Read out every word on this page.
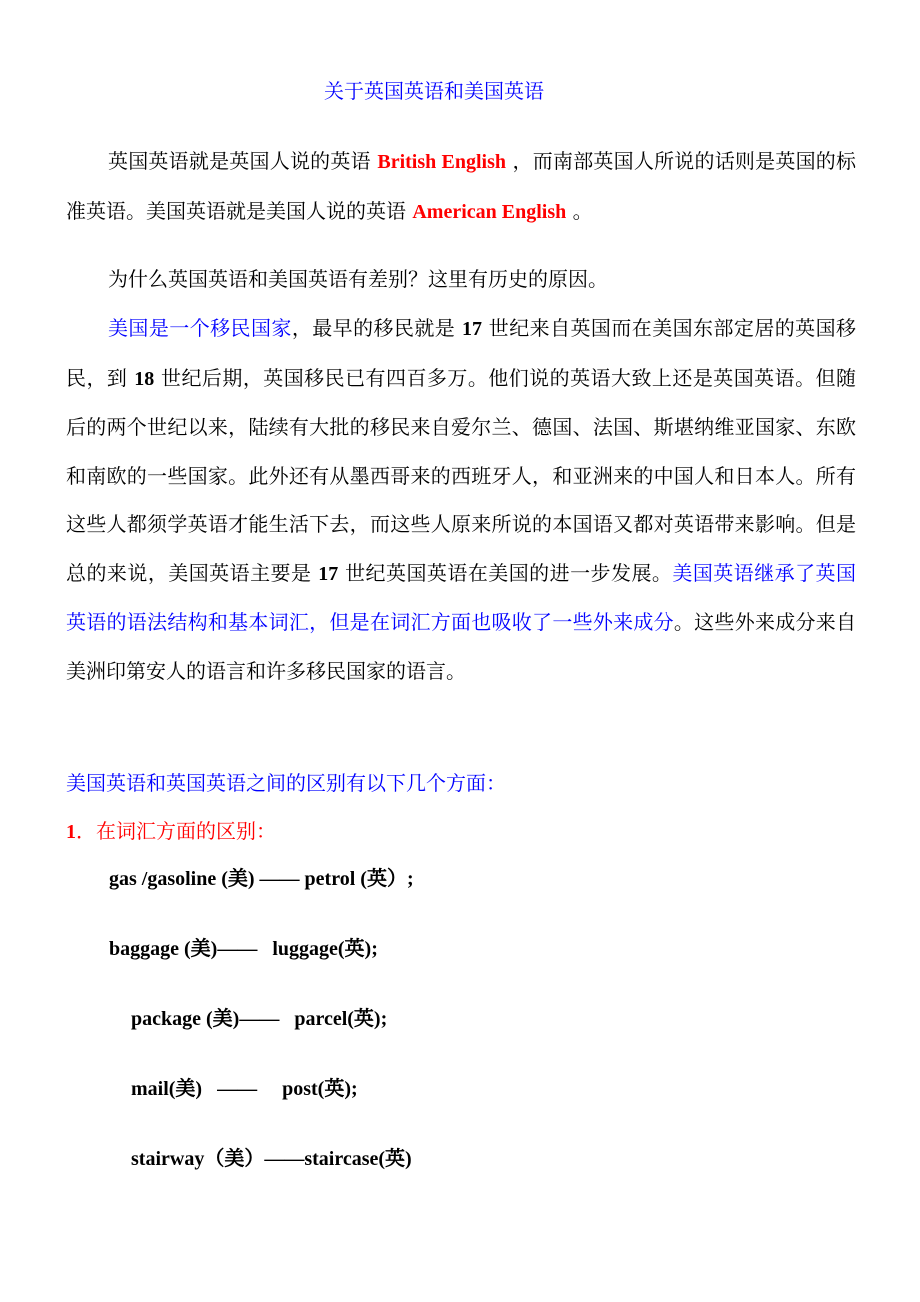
关于英国英语和美国英语
英国英语就是英国人说的英语 British English ，而南部英国人所说的话则是英国的标准英语。美国英语就是美国人说的英语 American English 。
为什么英国英语和美国英语有差别？这里有历史的原因。
美国是一个移民国家，最早的移民就是 17 世纪来自英国而在美国东部定居的英国移民，到 18 世纪后期，英国移民已有四百多万。他们说的英语大致上还是英国英语。但随后的两个世纪以来，陆续有大批的移民来自爱尔兰、德国、法国、斯堪纳维亚国家、东欧和南欧的一些国家。此外还有从墨西哥来的西班牙人，和亚洲来的中国人和日本人。所有这些人都须学英语才能生活下去，而这些人原来所说的本国语又都对英语带来影响。但是总的来说，美国英语主要是 17 世纪英国英语在美国的进一步发展。美国英语继承了英国英语的语法结构和基本词汇，但是在词汇方面也吸收了一些外来成分。这些外来成分来自美洲印第安人的语言和许多移民国家的语言。
美国英语和英国英语之间的区别有以下几个方面：
1．在词汇方面的区别：
gas /gasoline (美) —— petrol (英）;
baggage (美)——   luggage(英);
package (美)——   parcel(英);
mail(美)   ——     post(英);
stairway（美）——staircase(英)
